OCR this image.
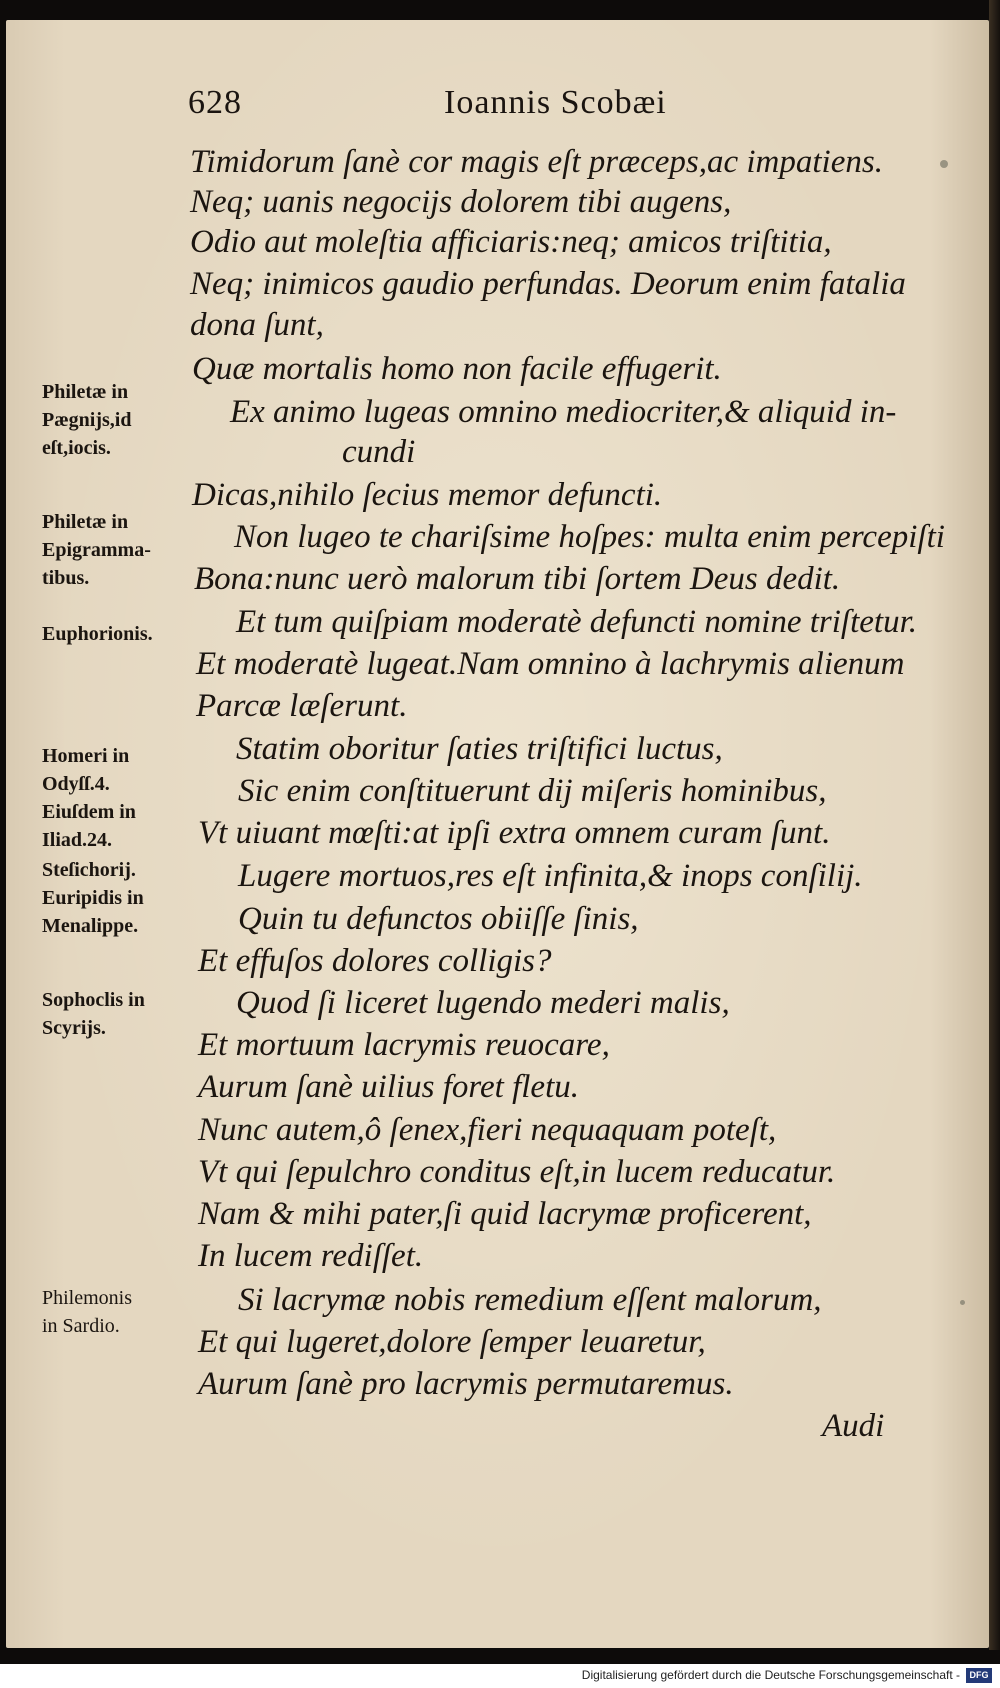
628	Ioannis Scobæi
Timidorum ſanè cor magis eſt præceps,ac impatiens.
Neq; uanis negocijs dolorem tibi augens,
Odio aut moleſtia afficiaris:neq; amicos triſtitia,
Neq; inimicos gaudio perfundas. Deorum enim fatalia
dona ſunt,
Quæ mortalis homo non facile effugerit.
Ex animo lugeas omnino mediocriter,& aliquid in-
cundi
Dicas,nihilo ſecius memor defuncti.
Non lugeo te chariſsime hoſpes: multa enim percepiſti
Bona:nunc uerò malorum tibi ſortem Deus dedit.
Et tum quiſpiam moderatè defuncti nomine triſtetur.
Et moderatè lugeat.Nam omnino à lachrymis alienum
Parcæ læſerunt.
Statim oboritur ſaties triſtifici luctus,
Sic enim conſtituerunt dij miſeris hominibus,
Vt uiuant mœſti:at ipſi extra omnem curam ſunt.
Lugere mortuos,res eſt infinita,& inops conſilij.
Quin tu defunctos obiiſſe ſinis,
Et effuſos dolores colligis?
Quod ſi liceret lugendo mederi malis,
Et mortuum lacrymis reuocare,
Aurum ſanè uilius foret fletu.
Nunc autem,ô ſenex,fieri nequaquam poteſt,
Vt qui ſepulchro conditus eſt,in lucem reducatur.
Nam & mihi pater,ſi quid lacrymæ proficerent,
In lucem rediſſet.
Si lacrymæ nobis remedium eſſent malorum,
Et qui lugeret,dolore ſemper leuaretur,
Aurum ſanè pro lacrymis permutaremus.
Audi
Philetæ in
Pægnijs,id
eſt,iocis.
Philetæ in
Epigramma-
tibus.
Euphorionis.
Homeri in
Odyſſ.4.
Eiuſdem in
Iliad.24.
Steſichorij.
Euripidis in
Menalippe.
Sophoclis in
Scyrijs.
Philemonis
in Sardio.
Digitalisierung gefördert durch die Deutsche Forschungsgemeinschaft -	DFG
